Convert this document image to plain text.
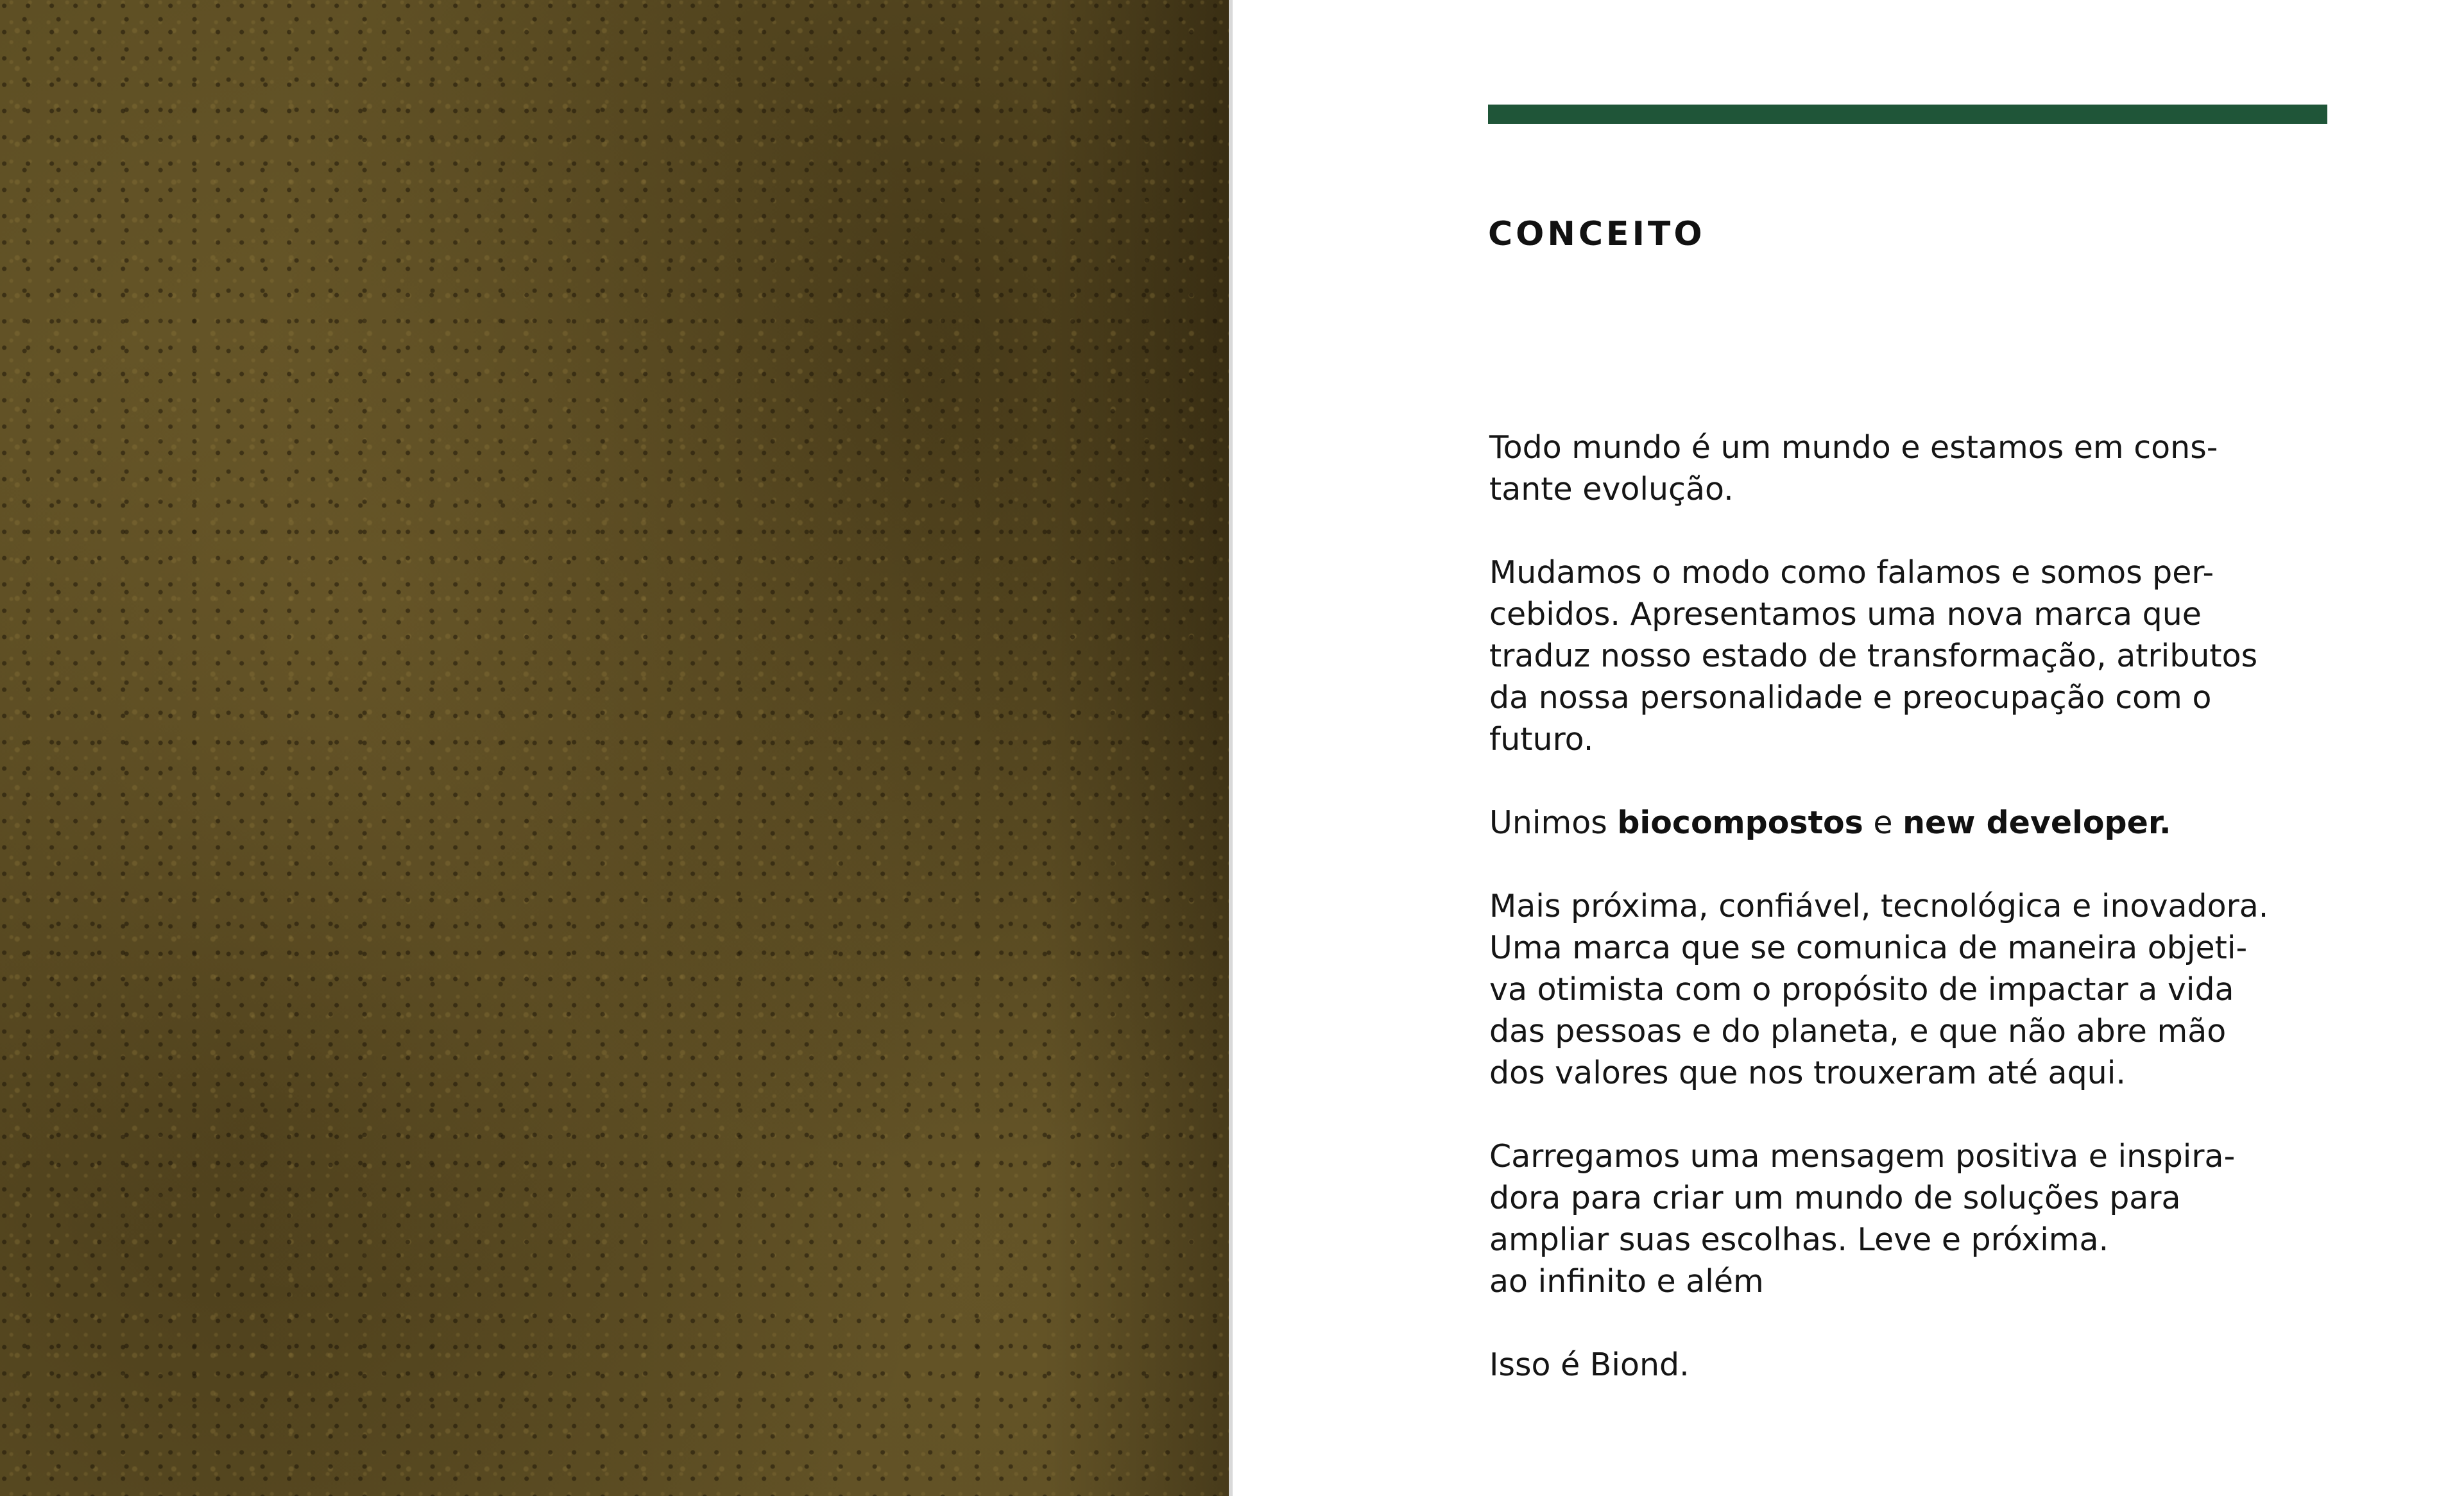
CONCEITO

Todo mundo é um mundo e estamos em cons-
tante evolução.

Mudamos o modo como falamos e somos per-
cebidos. Apresentamos uma nova marca que
traduz nosso estado de transformação, atributos
da nossa personalidade e preocupação com o
futuro.

Unimos biocompostos e new developer.

Mais próxima, confiável, tecnológica e inovadora.
Uma marca que se comunica de maneira objeti-
va otimista com o propósito de impactar a vida
das pessoas e do planeta, e que não abre mão
dos valores que nos trouxeram até aqui.

Carregamos uma mensagem positiva e inspira-
dora para criar um mundo de soluções para
ampliar suas escolhas. Leve e próxima.
ao infinito e além

Isso é Biond.
